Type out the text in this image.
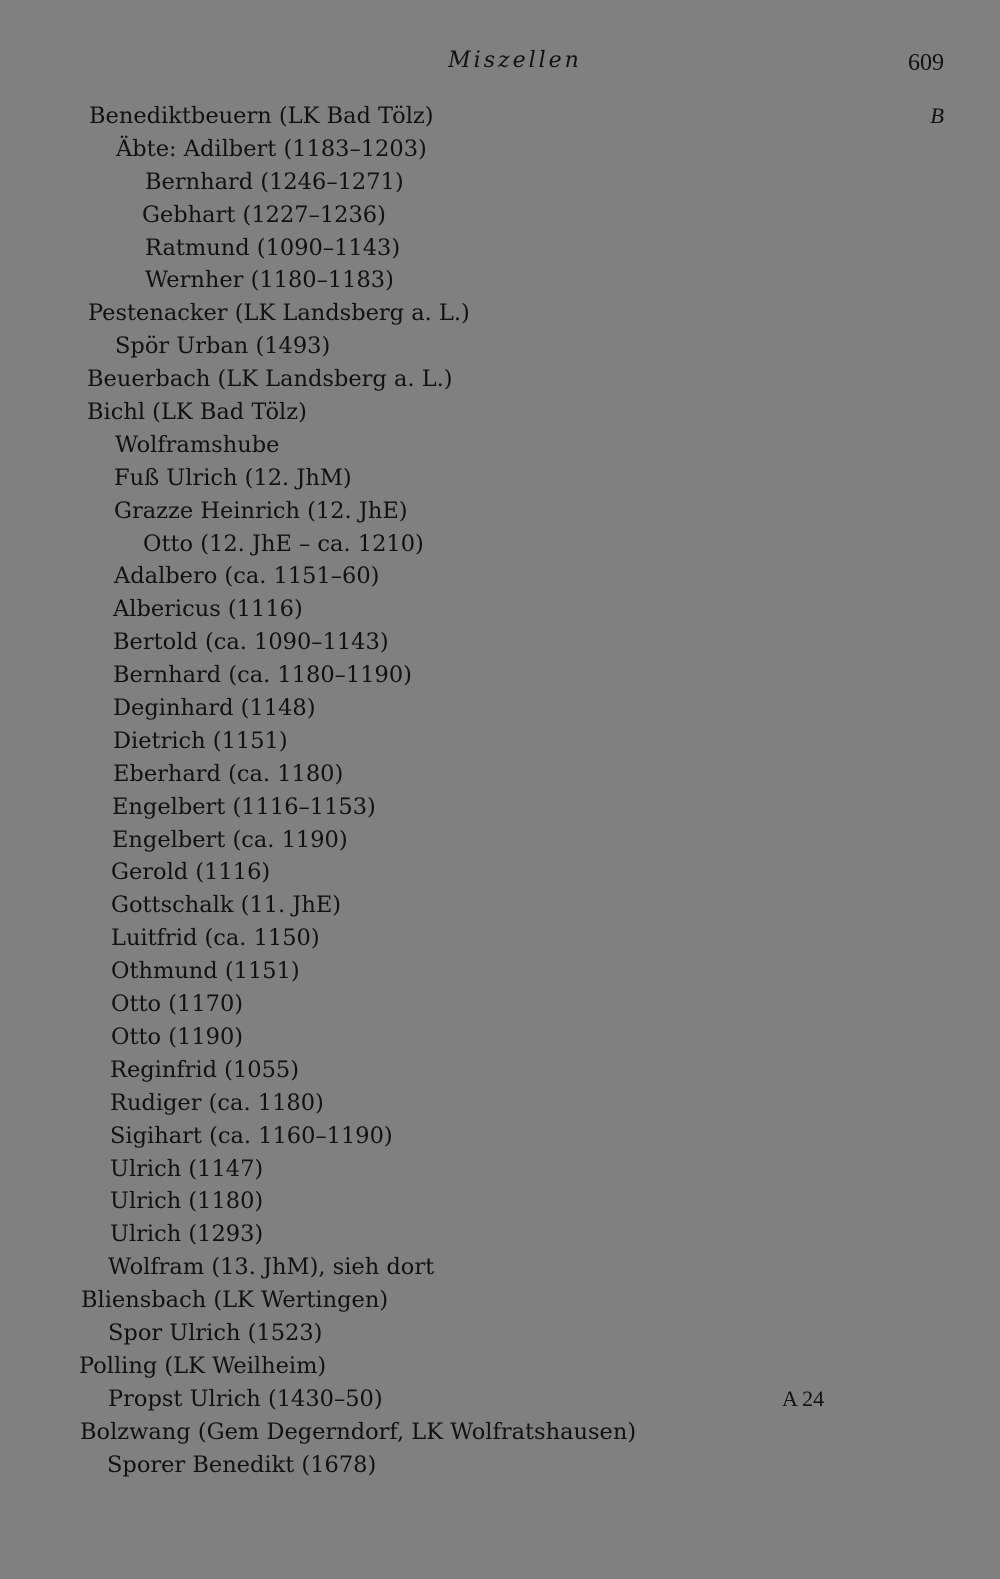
Miszellen	609
Benediktbeuern (LK Bad Tölz)	B
Äbte: Adilbert (1183–1203)
Bernhard (1246–1271)
Gebhart (1227–1236)
Ratmund (1090–1143)
Wernher (1180–1183)
Pestenacker (LK Landsberg a. L.)
Spör Urban (1493)
Beuerbach (LK Landsberg a. L.)
Bichl (LK Bad Tölz)
Wolframshube
Fuß Ulrich (12. JhM)
Grazze Heinrich (12. JhE)
Otto (12. JhE – ca. 1210)
Adalbero (ca. 1151–60)
Albericus (1116)
Bertold (ca. 1090–1143)
Bernhard (ca. 1180–1190)
Deginhard (1148)
Dietrich (1151)
Eberhard (ca. 1180)
Engelbert (1116–1153)
Engelbert (ca. 1190)
Gerold (1116)
Gottschalk (11. JhE)
Luitfrid (ca. 1150)
Othmund (1151)
Otto (1170)
Otto (1190)
Reginfrid (1055)
Rudiger (ca. 1180)
Sigihart (ca. 1160–1190)
Ulrich (1147)
Ulrich (1180)
Ulrich (1293)
Wolfram (13. JhM), sieh dort
Bliensbach (LK Wertingen)
Spor Ulrich (1523)
Polling (LK Weilheim)
Propst Ulrich (1430–50)	A 24
Bolzwang (Gem Degerndorf, LK Wolfratshausen)
Sporer Benedikt (1678)
